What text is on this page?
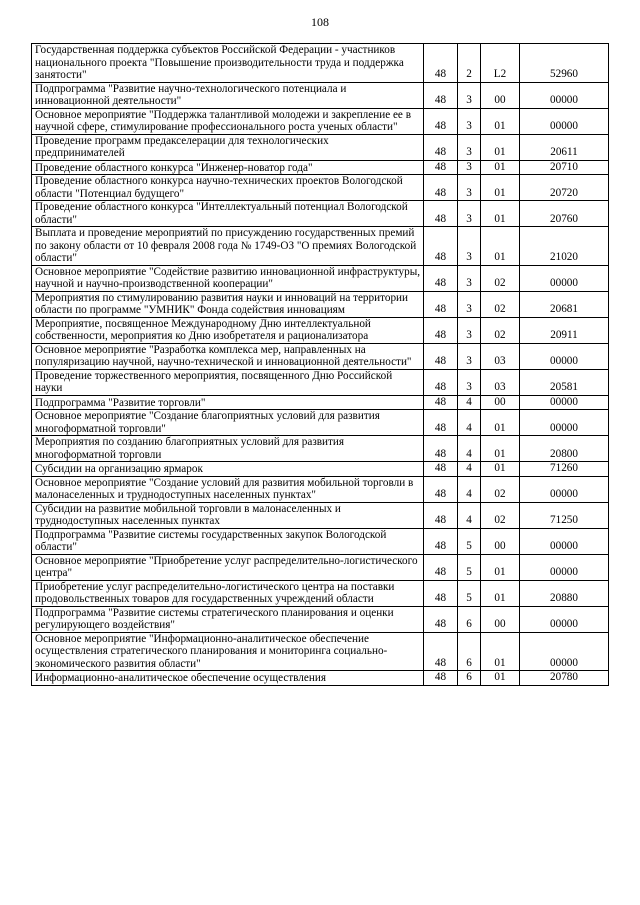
108
Государственная поддержка субъектов Российской Федерации - участников национального проекта "Повышение производительности труда и поддержка занятости"	48	2	L2	52960
Подпрограмма "Развитие научно-технологического потенциала и инновационной деятельности"	48	3	00	00000
Основное мероприятие "Поддержка талантливой молодежи и закрепление ее в научной сфере, стимулирование профессионального роста ученых области"	48	3	01	00000
Проведение программ предакселерации для технологических предпринимателей	48	3	01	20611
Проведение областного конкурса "Инженер-новатор года"	48	3	01	20710
Проведение областного конкурса научно-технических проектов Вологодской области "Потенциал будущего"	48	3	01	20720
Проведение областного конкурса "Интеллектуальный потенциал Вологодской области"	48	3	01	20760
Выплата и проведение мероприятий по присуждению государственных премий по закону области от 10 февраля 2008 года № 1749-ОЗ "О премиях Вологодской области"	48	3	01	21020
Основное мероприятие "Содействие развитию инновационной инфраструктуры, научной и научно-производственной кооперации"	48	3	02	00000
Мероприятия по стимулированию развития науки и инноваций на территории области по программе "УМНИК" Фонда содействия инновациям	48	3	02	20681
Мероприятие, посвященное Международному Дню интеллектуальной собственности, мероприятия ко Дню изобретателя и рационализатора	48	3	02	20911
Основное мероприятие "Разработка комплекса мер, направленных на популяризацию научной, научно-технической и инновационной деятельности"	48	3	03	00000
Проведение торжественного мероприятия, посвященного Дню Российской науки	48	3	03	20581
Подпрограмма "Развитие торговли"	48	4	00	00000
Основное мероприятие "Создание благоприятных условий для развития многоформатной торговли"	48	4	01	00000
Мероприятия по созданию благоприятных условий для развития многоформатной торговли	48	4	01	20800
Субсидии на организацию ярмарок	48	4	01	71260
Основное мероприятие "Создание условий для развития мобильной торговли в малонаселенных и труднодоступных населенных пунктах"	48	4	02	00000
Субсидии на развитие мобильной торговли в малонаселенных и труднодоступных населенных пунктах	48	4	02	71250
Подпрограмма "Развитие системы государственных закупок Вологодской области"	48	5	00	00000
Основное мероприятие "Приобретение услуг распределительно-логистического центра"	48	5	01	00000
Приобретение услуг распределительно-логистического центра на поставки продовольственных товаров для государственных учреждений области	48	5	01	20880
Подпрограмма "Развитие системы стратегического планирования и оценки регулирующего воздействия"	48	6	00	00000
Основное мероприятие "Информационно-аналитическое обеспечение осуществления стратегического планирования и мониторинга социально-экономического развития области"	48	6	01	00000
Информационно-аналитическое обеспечение осуществления	48	6	01	20780
